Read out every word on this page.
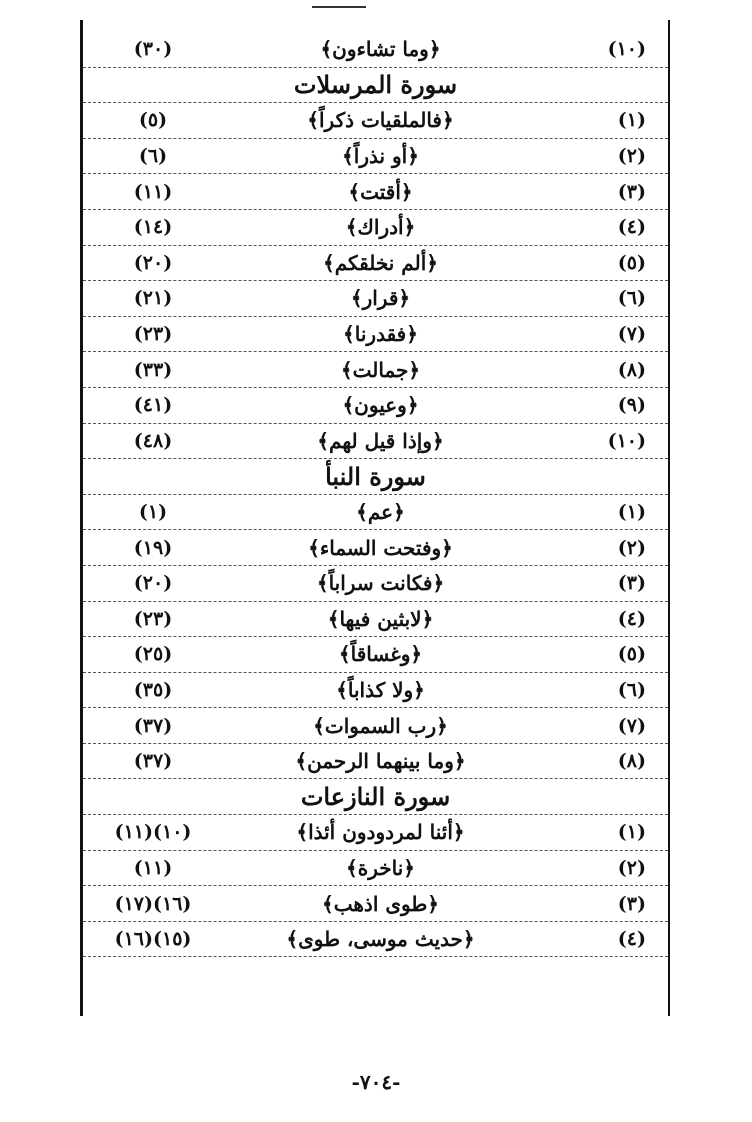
(١٠)
﴿وما تشاءون﴾
(٣٠)
سورة المرسلات
(١)
﴿فالملقيات ذكراً﴾
(٥)
(٢)
﴿أو نذراً﴾
(٦)
(٣)
﴿أقتت﴾
(١١)
(٤)
﴿أدراك﴾
(١٤)
(٥)
﴿ألم نخلقكم﴾
(٢٠)
(٦)
﴿قرار﴾
(٢١)
(٧)
﴿فقدرنا﴾
(٢٣)
(٨)
﴿جمالت﴾
(٣٣)
(٩)
﴿وعيون﴾
(٤١)
(١٠)
﴿وإذا قيل لهم﴾
(٤٨)
سورة النبأ
(١)
﴿عم﴾
(١)
(٢)
﴿وفتحت السماء﴾
(١٩)
(٣)
﴿فكانت سراباً﴾
(٢٠)
(٤)
﴿لابثين فيها﴾
(٢٣)
(٥)
﴿وغساقاً﴾
(٢٥)
(٦)
﴿ولا كذاباً﴾
(٣٥)
(٧)
﴿رب السموات﴾
(٣٧)
(٨)
﴿وما بينهما الرحمن﴾
(٣٧)
سورة النازعات
(١)
﴿أئنا لمردودون أئذا﴾
(١٠)(١١)
(٢)
﴿ناخرة﴾
(١١)
(٣)
﴿طوى اذهب﴾
(١٦)(١٧)
(٤)
﴿حديث موسى، طوى﴾
(١٥)(١٦)
-٧٠٤-
